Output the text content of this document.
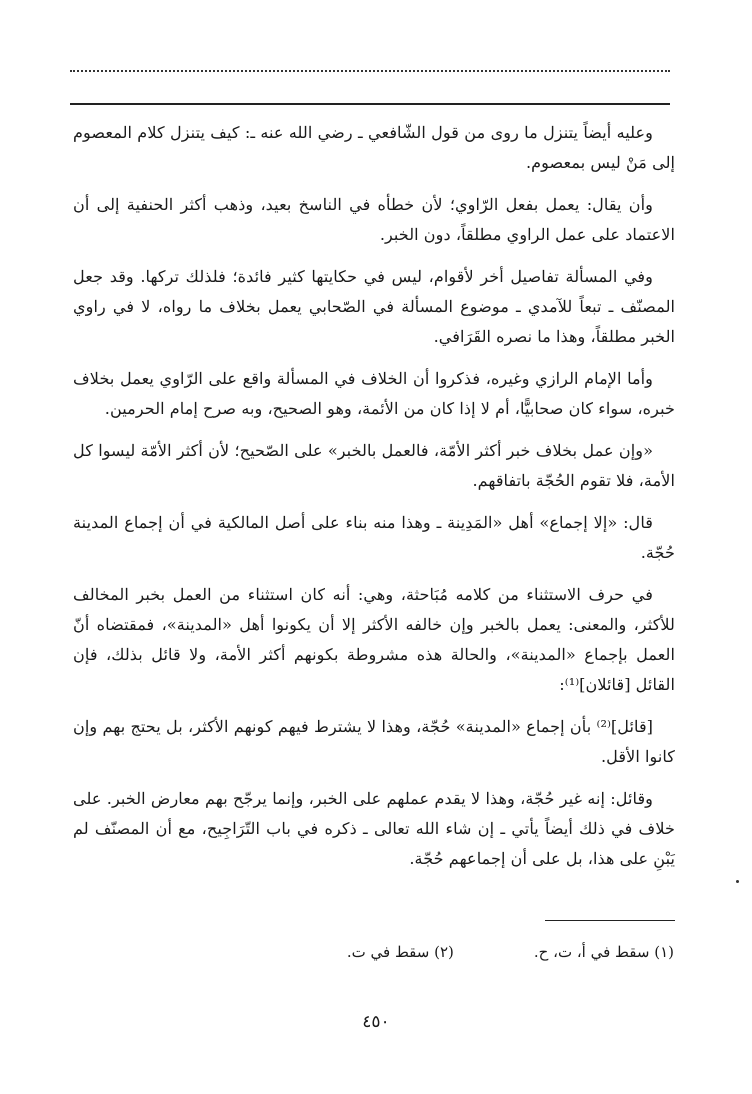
وعليه أيضاً يتنزل ما روى من قول الشّافعي ـ رضي الله عنه ـ: كيف يتنزل كلام المعصوم إلى مَنْ ليس بمعصوم.

وأن يقال: يعمل بفعل الرّاوي؛ لأن خطأه في الناسخ بعيد، وذهب أكثر الحنفية إلى أن الاعتماد على عمل الراوي مطلقاً، دون الخبر.

وفي المسألة تفاصيل أخر لأقوام، ليس في حكايتها كثير فائدة؛ فلذلك تركها. وقد جعل المصنّف ـ تبعاً للآمدي ـ موضوع المسألة في الصّحابي يعمل بخلاف ما رواه، لا في راوي الخبر مطلقاً، وهذا ما نصره القَرَافي.

وأما الإمام الرازي وغيره، فذكروا أن الخلاف في المسألة واقع على الرّاوي يعمل بخلاف خبره، سواء كان صحابيًّا، أم لا إذا كان من الأئمة، وهو الصحيح، وبه صرح إمام الحرمين.

«وإن عمل بخلاف خبر أكثر الأمّة، فالعمل بالخبر» على الصّحيح؛ لأن أكثر الأمّة ليسوا كل الأمة، فلا تقوم الحُجّة باتفاقهم.

قال: «إلا إجماع» أهل «المَدِينة ـ وهذا منه بناء على أصل المالكية في أن إجماع المدينة حُجّة.

في حرف الاستثناء من كلامه مُبَاحثة، وهي: أنه كان استثناء من العمل بخبر المخالف للأكثر، والمعنى: يعمل بالخبر وإن خالفه الأكثر إلا أن يكونوا أهل «المدينة»، فمقتضاه أنّ العمل بإجماع «المدينة»، والحالة هذه مشروطة بكونهم أكثر الأمة، ولا قائل بذلك، فإن القائل [قائلان]⁽¹⁾:

[قائل]⁽²⁾ بأن إجماع «المدينة» حُجّة، وهذا لا يشترط فيهم كونهم الأكثر، بل يحتج بهم وإن كانوا الأقل.

وقائل: إنه غير حُجّة، وهذا لا يقدم عملهم على الخبر، وإنما يرجّح بهم معارض الخبر. على خلاف في ذلك أيضاً يأتي ـ إن شاء الله تعالى ـ ذكره في باب التّرَاجِيح، مع أن المصنّف لم يَبْنِ على هذا، بل على أن إجماعهم حُجّة.

(١) سقط في أ، ت، ح.
(٢) سقط في ت.
٤٥٠
